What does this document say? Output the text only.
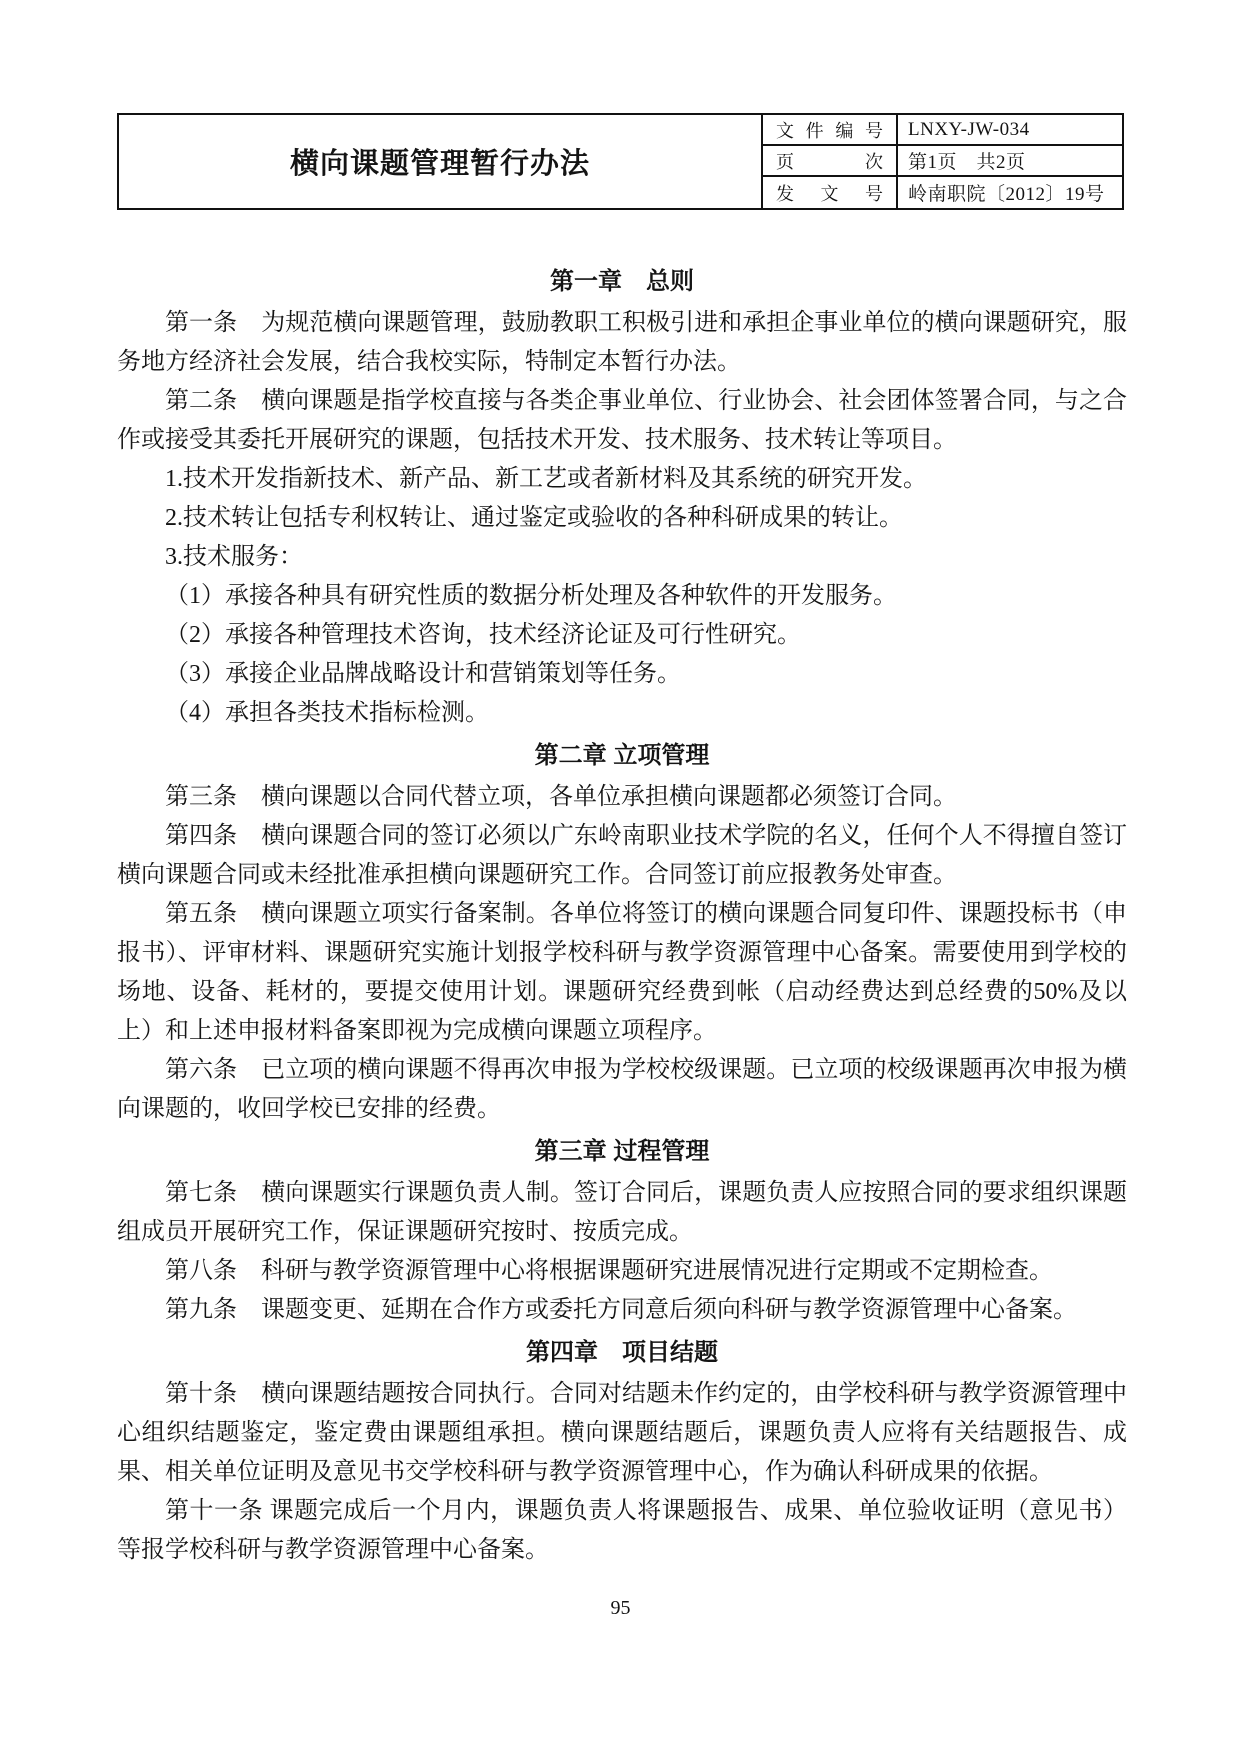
横向课题管理暂行办法
文 件 编 号	LNXY-JW-034
页	次	第1页　共2页
发 文 号	岭南职院〔2012〕19号
第一章　总则

第一条　为规范横向课题管理，鼓励教职工积极引进和承担企事业单位的横向课题研究，服务地方经济社会发展，结合我校实际，特制定本暂行办法。

第二条　横向课题是指学校直接与各类企事业单位、行业协会、社会团体签署合同，与之合作或接受其委托开展研究的课题，包括技术开发、技术服务、技术转让等项目。

1.技术开发指新技术、新产品、新工艺或者新材料及其系统的研究开发。

2.技术转让包括专利权转让、通过鉴定或验收的各种科研成果的转让。

3.技术服务：

（1）承接各种具有研究性质的数据分析处理及各种软件的开发服务。

（2）承接各种管理技术咨询，技术经济论证及可行性研究。

（3）承接企业品牌战略设计和营销策划等任务。

（4）承担各类技术指标检测。

第二章 立项管理

第三条　横向课题以合同代替立项，各单位承担横向课题都必须签订合同。

第四条　横向课题合同的签订必须以广东岭南职业技术学院的名义，任何个人不得擅自签订横向课题合同或未经批准承担横向课题研究工作。合同签订前应报教务处审查。

第五条　横向课题立项实行备案制。各单位将签订的横向课题合同复印件、课题投标书（申报书）、评审材料、课题研究实施计划报学校科研与教学资源管理中心备案。需要使用到学校的场地、设备、耗材的，要提交使用计划。课题研究经费到帐（启动经费达到总经费的50%及以上）和上述申报材料备案即视为完成横向课题立项程序。

第六条　已立项的横向课题不得再次申报为学校校级课题。已立项的校级课题再次申报为横向课题的，收回学校已安排的经费。

第三章 过程管理

第七条　横向课题实行课题负责人制。签订合同后，课题负责人应按照合同的要求组织课题组成员开展研究工作，保证课题研究按时、按质完成。

第八条　科研与教学资源管理中心将根据课题研究进展情况进行定期或不定期检查。

第九条　课题变更、延期在合作方或委托方同意后须向科研与教学资源管理中心备案。

第四章　项目结题

第十条　横向课题结题按合同执行。合同对结题未作约定的，由学校科研与教学资源管理中心组织结题鉴定，鉴定费由课题组承担。横向课题结题后，课题负责人应将有关结题报告、成果、相关单位证明及意见书交学校科研与教学资源管理中心，作为确认科研成果的依据。

第十一条 课题完成后一个月内，课题负责人将课题报告、成果、单位验收证明（意见书）等报学校科研与教学资源管理中心备案。

95
